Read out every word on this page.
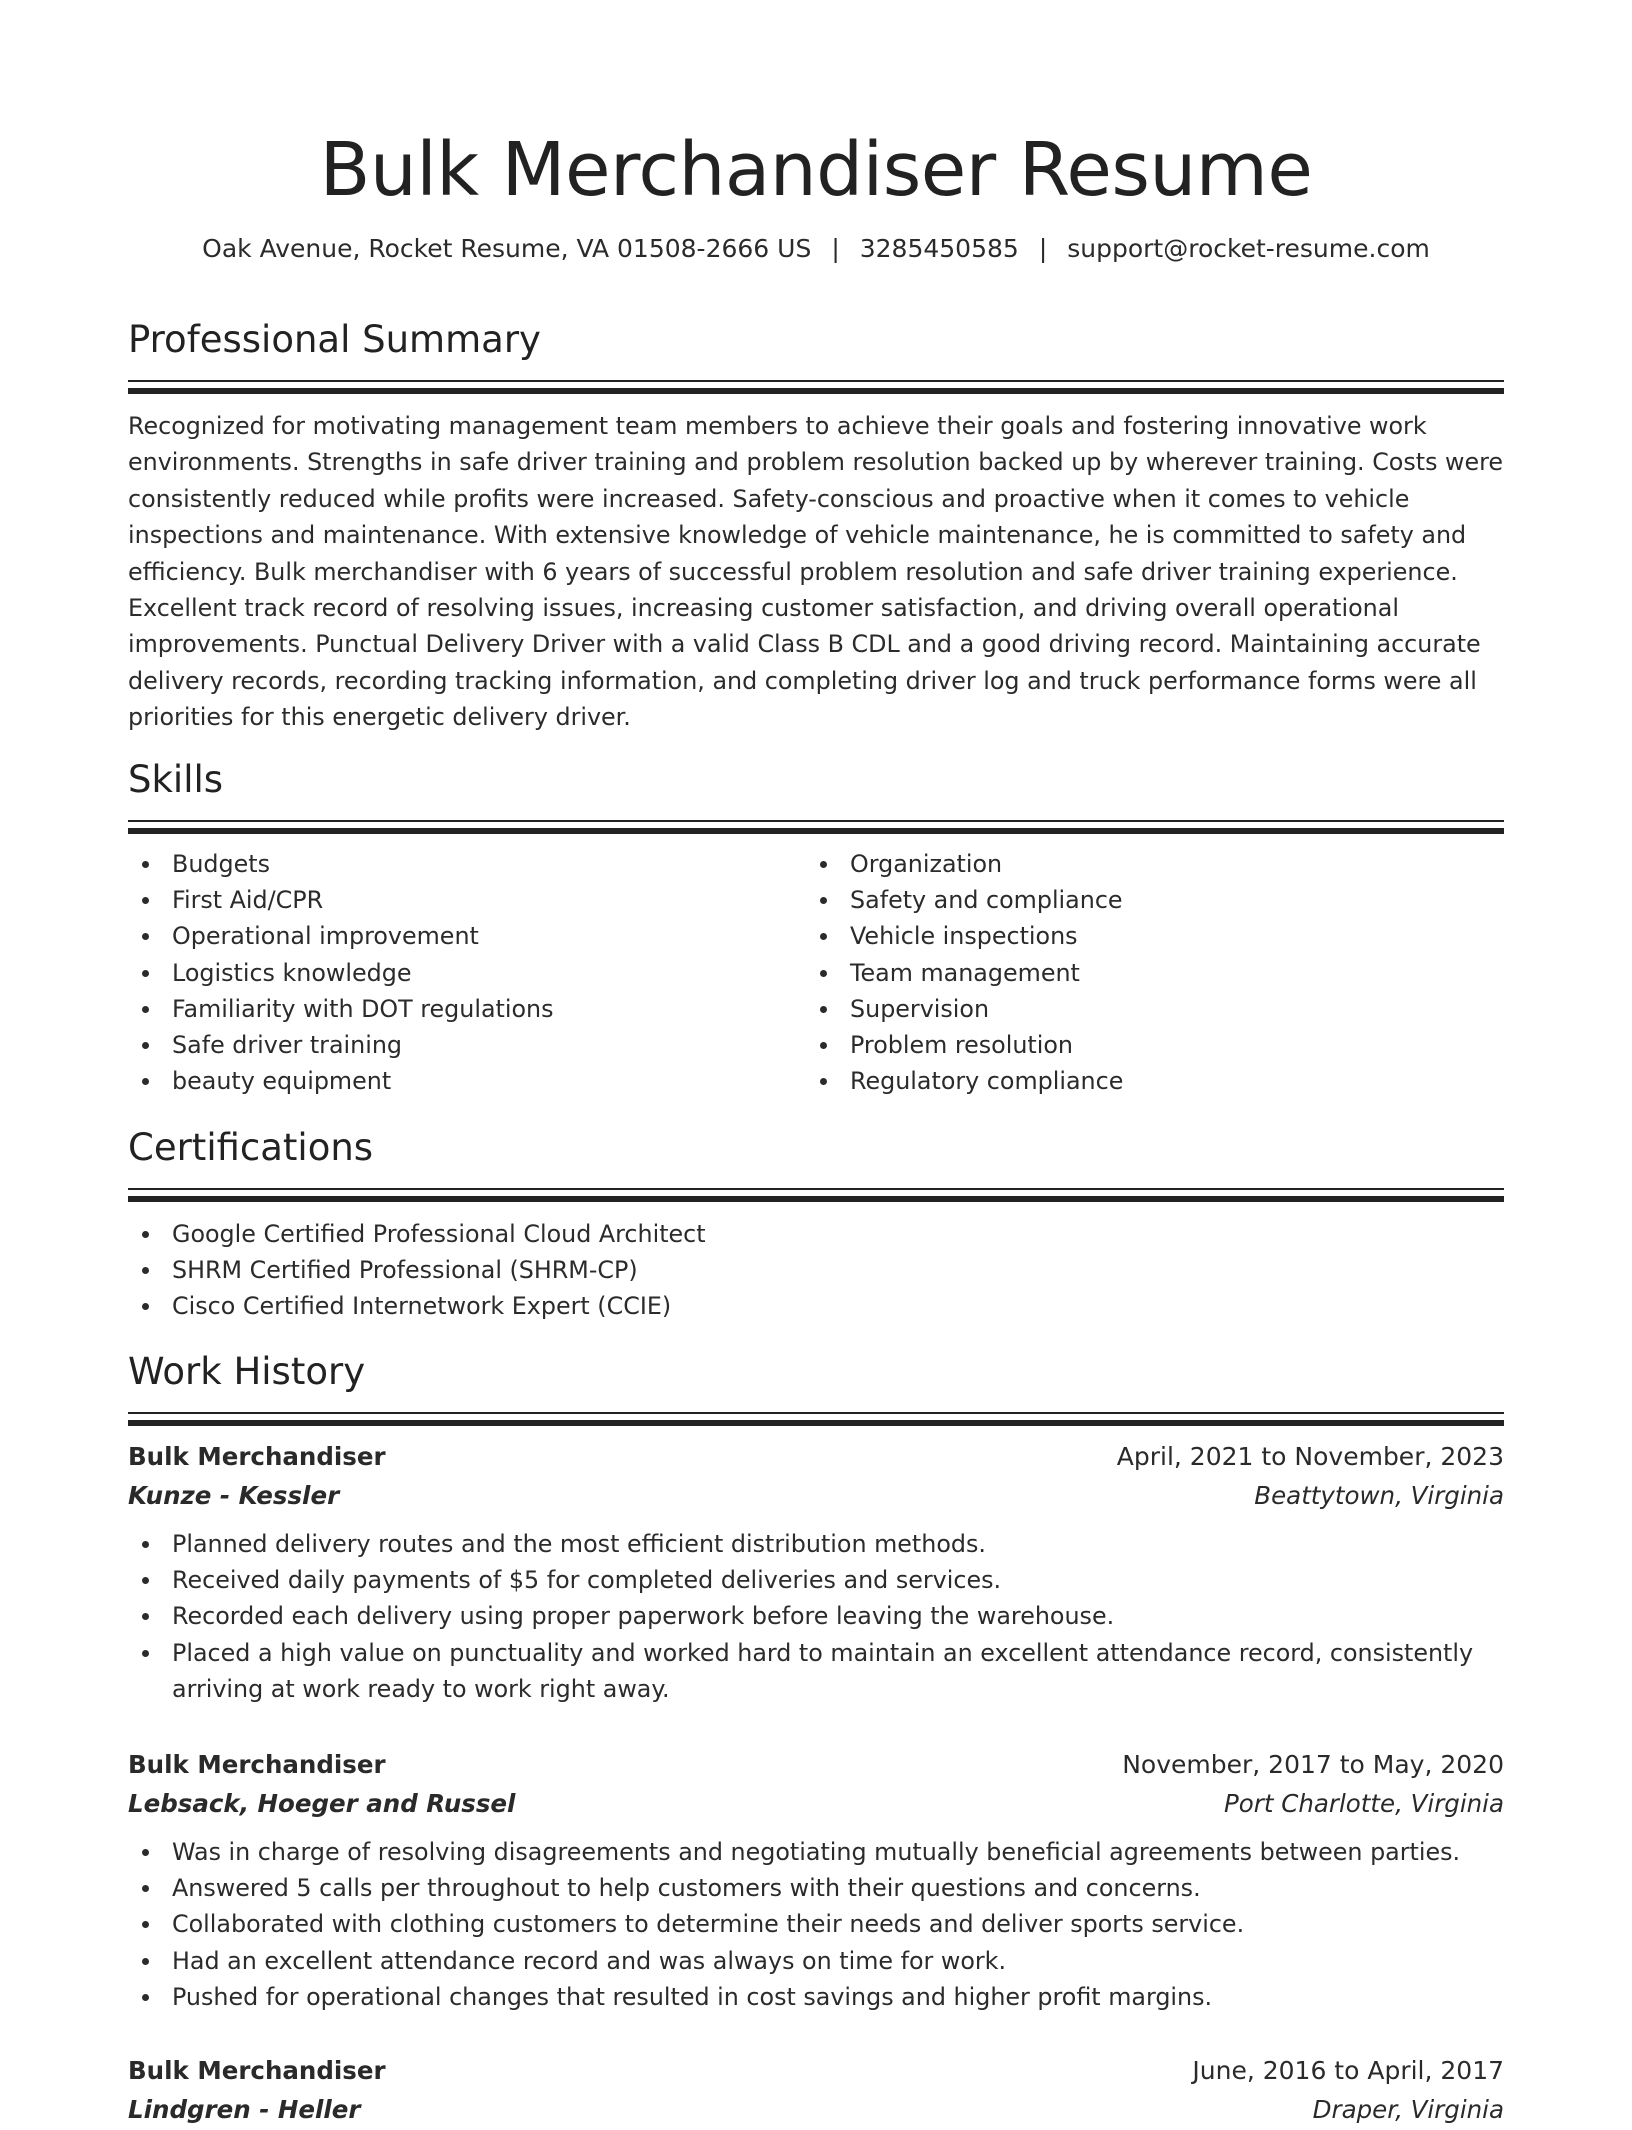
Bulk Merchandiser Resume
Oak Avenue, Rocket Resume, VA 01508-2666 US | 3285450585 | support@rocket-resume.com
Professional Summary

Recognized for motivating management team members to achieve their goals and fostering innovative work environments. Strengths in safe driver training and problem resolution backed up by wherever training. Costs were consistently reduced while profits were increased. Safety-conscious and proactive when it comes to vehicle inspections and maintenance. With extensive knowledge of vehicle maintenance, he is committed to safety and efficiency. Bulk merchandiser with 6 years of successful problem resolution and safe driver training experience. Excellent track record of resolving issues, increasing customer satisfaction, and driving overall operational improvements. Punctual Delivery Driver with a valid Class B CDL and a good driving record. Maintaining accurate delivery records, recording tracking information, and completing driver log and truck performance forms were all priorities for this energetic delivery driver.

Skills
Budgets
First Aid/CPR
Operational improvement
Logistics knowledge
Familiarity with DOT regulations
Safe driver training
beauty equipment
Organization
Safety and compliance
Vehicle inspections
Team management
Supervision
Problem resolution
Regulatory compliance
Certifications
Google Certified Professional Cloud Architect
SHRM Certified Professional (SHRM-CP)
Cisco Certified Internetwork Expert (CCIE)
Work History
Bulk Merchandiser	April, 2021 to November, 2023
Kunze - Kessler	Beattytown, Virginia
Planned delivery routes and the most efficient distribution methods.
Received daily payments of $5 for completed deliveries and services.
Recorded each delivery using proper paperwork before leaving the warehouse.
Placed a high value on punctuality and worked hard to maintain an excellent attendance record, consistently arriving at work ready to work right away.
Bulk Merchandiser	November, 2017 to May, 2020
Lebsack, Hoeger and Russel	Port Charlotte, Virginia
Was in charge of resolving disagreements and negotiating mutually beneficial agreements between parties.
Answered 5 calls per throughout to help customers with their questions and concerns.
Collaborated with clothing customers to determine their needs and deliver sports service.
Had an excellent attendance record and was always on time for work.
Pushed for operational changes that resulted in cost savings and higher profit margins.
Bulk Merchandiser	June, 2016 to April, 2017
Lindgren - Heller	Draper, Virginia
